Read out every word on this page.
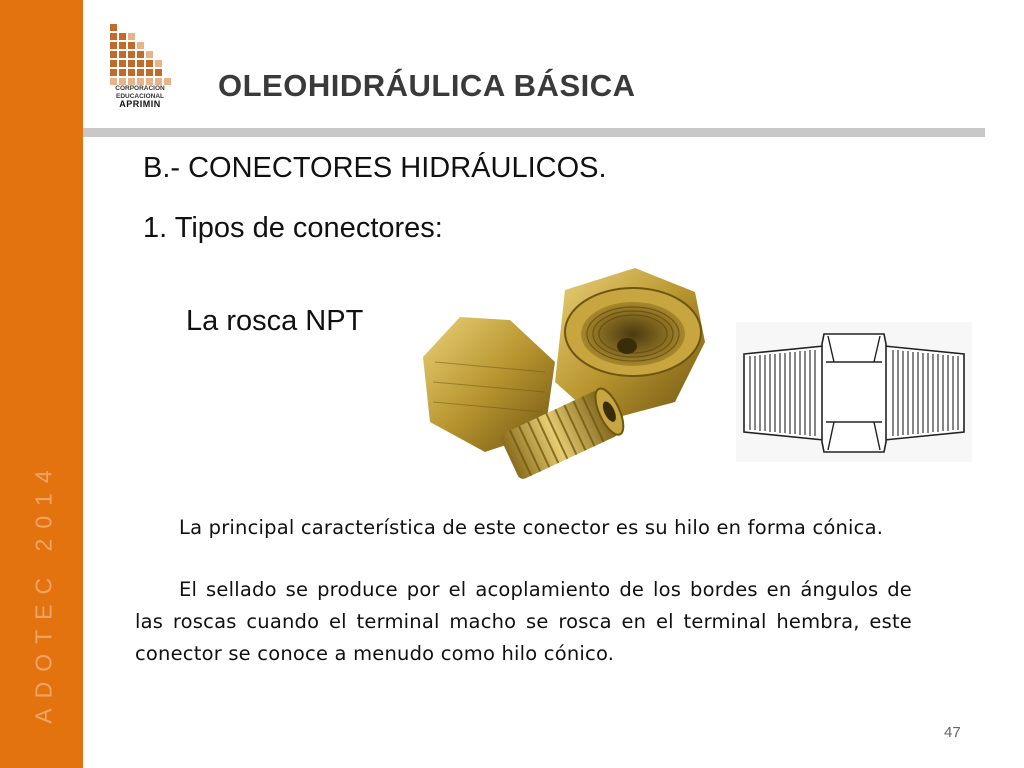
ADOTEC 2014
CORPORACION
EDUCACIONAL
APRIMIN
OLEOHIDRÁULICA BÁSICA
B.- CONECTORES HIDRÁULICOS.
1. Tipos de conectores:
La rosca NPT

La principal característica de este conector es su hilo en forma cónica.

El sellado se produce por el acoplamiento de los bordes en ángulos de las roscas cuando el terminal macho se rosca en el terminal hembra, este conector se conoce a menudo como hilo cónico.

47
